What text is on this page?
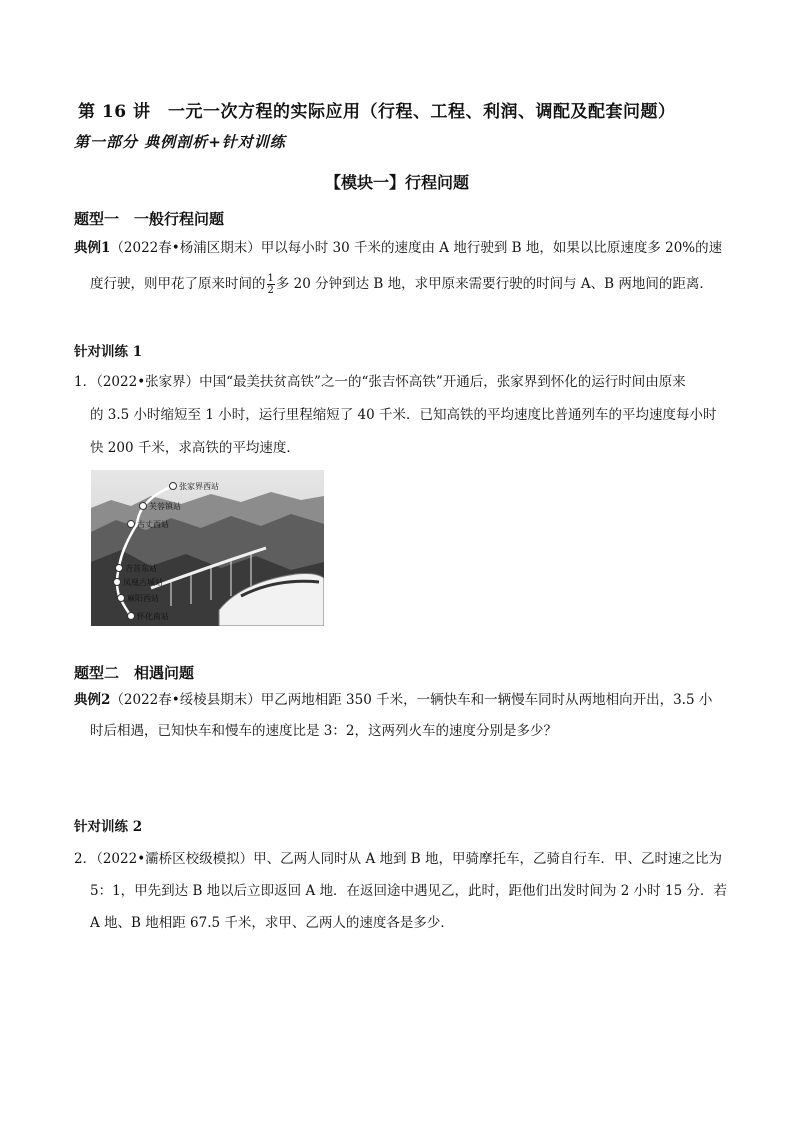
第 16 讲　一元一次方程的实际应用（行程、工程、利润、调配及配套问题）
第一部分 典例剖析+针对训练
【模块一】行程问题
题型一　一般行程问题
典例1（2022春•杨浦区期末）甲以每小时 30 千米的速度由 A 地行驶到 B 地，如果以比原速度多 20%的速
度行驶，则甲花了原来时间的 $\frac{1}{2}$ 多 20 分钟到达 B 地，求甲原来需要行驶的时间与 A、B 两地间的距离．
针对训练 1
1．（2022•张家界）中国“最美扶贫高铁”之一的“张吉怀高铁”开通后，张家界到怀化的运行时间由原来
的 3.5 小时缩短至 1 小时，运行里程缩短了 40 千米．已知高铁的平均速度比普通列车的平均速度每小时
快 200 千米，求高铁的平均速度．
张家界西站
芙蓉镇站
古丈西站
吉首东站
凤凰古城站
麻阳西站
怀化南站
题型二　相遇问题
典例2（2022春•绥棱县期末）甲乙两地相距 350 千米，一辆快车和一辆慢车同时从两地相向开出，3.5 小
时后相遇，已知快车和慢车的速度比是 3：2，这两列火车的速度分别是多少？
针对训练 2
2．（2022•灞桥区校级模拟）甲、乙两人同时从 A 地到 B 地，甲骑摩托车，乙骑自行车．甲、乙时速之比为
5：1，甲先到达 B 地以后立即返回 A 地．在返回途中遇见乙，此时，距他们出发时间为 2 小时 15 分．若
A 地、B 地相距 67.5 千米，求甲、乙两人的速度各是多少．
